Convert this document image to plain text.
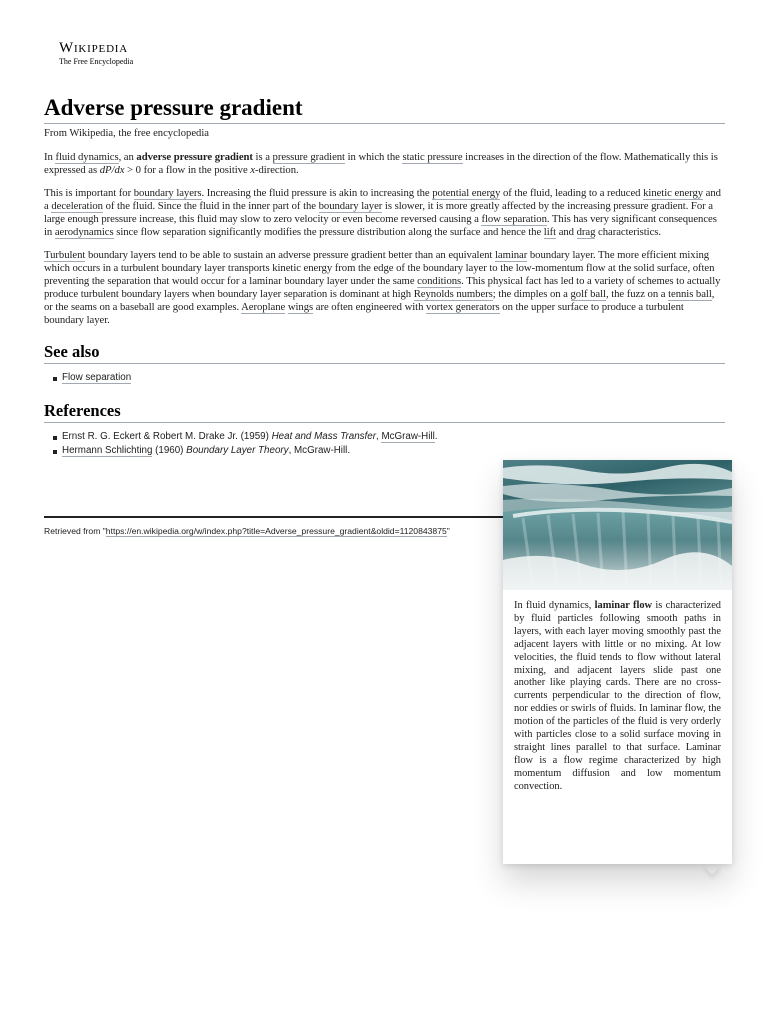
Wikipedia
The Free Encyclopedia
Adverse pressure gradient
From Wikipedia, the free encyclopedia

In fluid dynamics, an adverse pressure gradient is a pressure gradient in which the static pressure increases in the direction of the flow. Mathematically this is expressed as dP/dx > 0 for a flow in the positive x-direction.

This is important for boundary layers. Increasing the fluid pressure is akin to increasing the potential energy of the fluid, leading to a reduced kinetic energy and a deceleration of the fluid. Since the fluid in the inner part of the boundary layer is slower, it is more greatly affected by the increasing pressure gradient. For a large enough pressure increase, this fluid may slow to zero velocity or even become reversed causing a flow separation. This has very significant consequences in aerodynamics since flow separation significantly modifies the pressure distribution along the surface and hence the lift and drag characteristics.

Turbulent boundary layers tend to be able to sustain an adverse pressure gradient better than an equivalent laminar boundary layer. The more efficient mixing which occurs in a turbulent boundary layer transports kinetic energy from the edge of the boundary layer to the low-momentum flow at the solid surface, often preventing the separation that would occur for a laminar boundary layer under the same conditions. This physical fact has led to a variety of schemes to actually produce turbulent boundary layers when boundary layer separation is dominant at high Reynolds numbers; the dimples on a golf ball, the fuzz on a tennis ball, or the seams on a baseball are good examples. Aeroplane wings are often engineered with vortex generators on the upper surface to produce a turbulent boundary layer.

See also
Flow separation
References
Ernst R. G. Eckert & Robert M. Drake Jr. (1959) Heat and Mass Transfer, McGraw-Hill.
Hermann Schlichting (1960) Boundary Layer Theory, McGraw-Hill.
Retrieved from "https://en.wikipedia.org/w/index.php?title=Adverse_pressure_gradient&oldid=1120843875"
In fluid dynamics, laminar flow is characterized by fluid particles following smooth paths in layers, with each layer moving smoothly past the adjacent layers with little or no mixing. At low velocities, the fluid tends to flow without lateral mixing, and adjacent layers slide past one another like playing cards. There are no cross-currents perpendicular to the direction of flow, nor eddies or swirls of fluids. In laminar flow, the motion of the particles of the fluid is very orderly with particles close to a solid surface moving in straight lines parallel to that surface. Laminar flow is a flow regime characterized by high momentum diffusion and low momentum convection.
